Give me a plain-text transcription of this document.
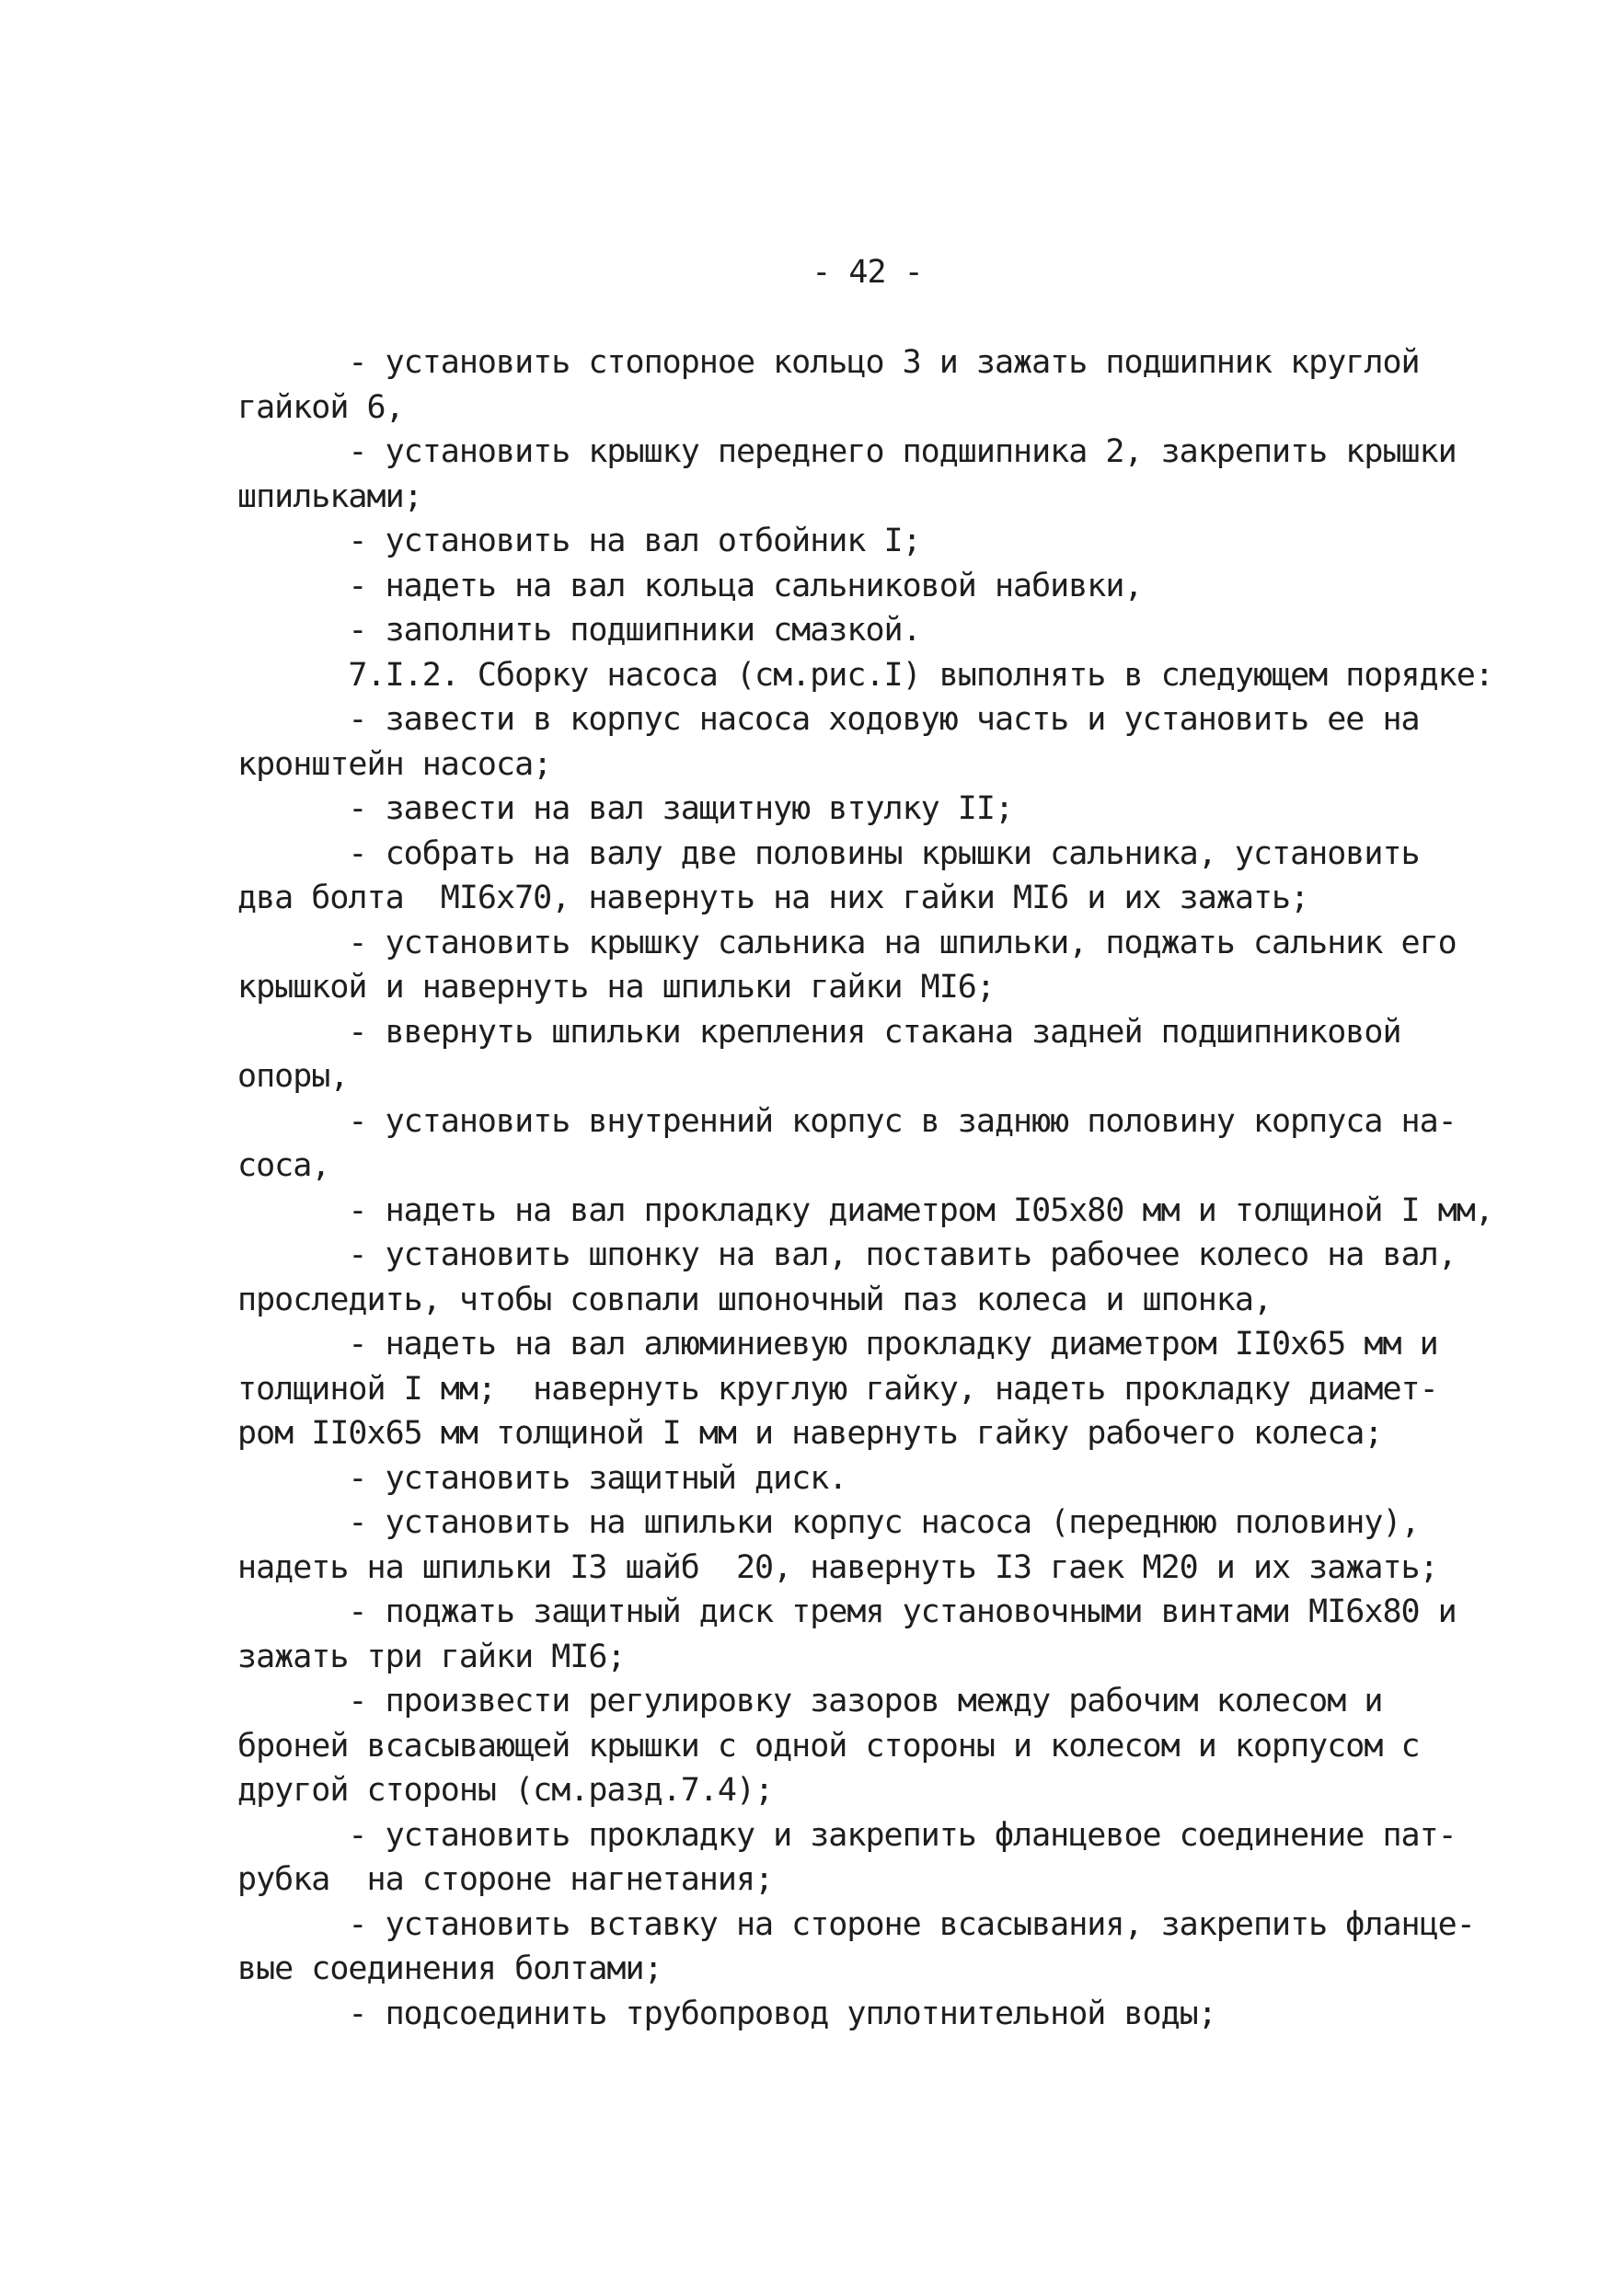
- 42 -
- установить стопорное кольцо 3 и зажать подшипник круглой
гайкой 6,
- установить крышку переднего подшипника 2, закрепить крышки
шпильками;
- установить на вал отбойник I;
- надеть на вал кольца сальниковой набивки,
- заполнить подшипники смазкой.
7.I.2. Сборку насоса (см.рис.I) выполнять в следующем порядке:
- завести в корпус насоса ходовую часть и установить ее на
кронштейн насоса;
- завести на вал защитную втулку II;
- собрать на валу две половины крышки сальника, установить
два болта  МI6х70, навернуть на них гайки МI6 и их зажать;
- установить крышку сальника на шпильки, поджать сальник его
крышкой и навернуть на шпильки гайки МI6;
- ввернуть шпильки крепления стакана задней подшипниковой
опоры,
- установить внутренний корпус в заднюю половину корпуса на-
соса,
- надеть на вал прокладку диаметром I05х80 мм и толщиной I мм,
- установить шпонку на вал, поставить рабочее колесо на вал,
проследить, чтобы совпали шпоночный паз колеса и шпонка,
- надеть на вал алюминиевую прокладку диаметром II0х65 мм и
толщиной I мм;  навернуть круглую гайку, надеть прокладку диамет-
ром II0х65 мм толщиной I мм и навернуть гайку рабочего колеса;
- установить защитный диск.
- установить на шпильки корпус насоса (переднюю половину),
надеть на шпильки I3 шайб  20, навернуть I3 гаек М20 и их зажать;
- поджать защитный диск тремя установочными винтами МI6х80 и
зажать три гайки МI6;
- произвести регулировку зазоров между рабочим колесом и
броней всасывающей крышки с одной стороны и колесом и корпусом с
другой стороны (см.разд.7.4);
- установить прокладку и закрепить фланцевое соединение пат-
рубка  на стороне нагнетания;
- установить вставку на стороне всасывания, закрепить фланце-
вые соединения болтами;
- подсоединить трубопровод уплотнительной воды;
